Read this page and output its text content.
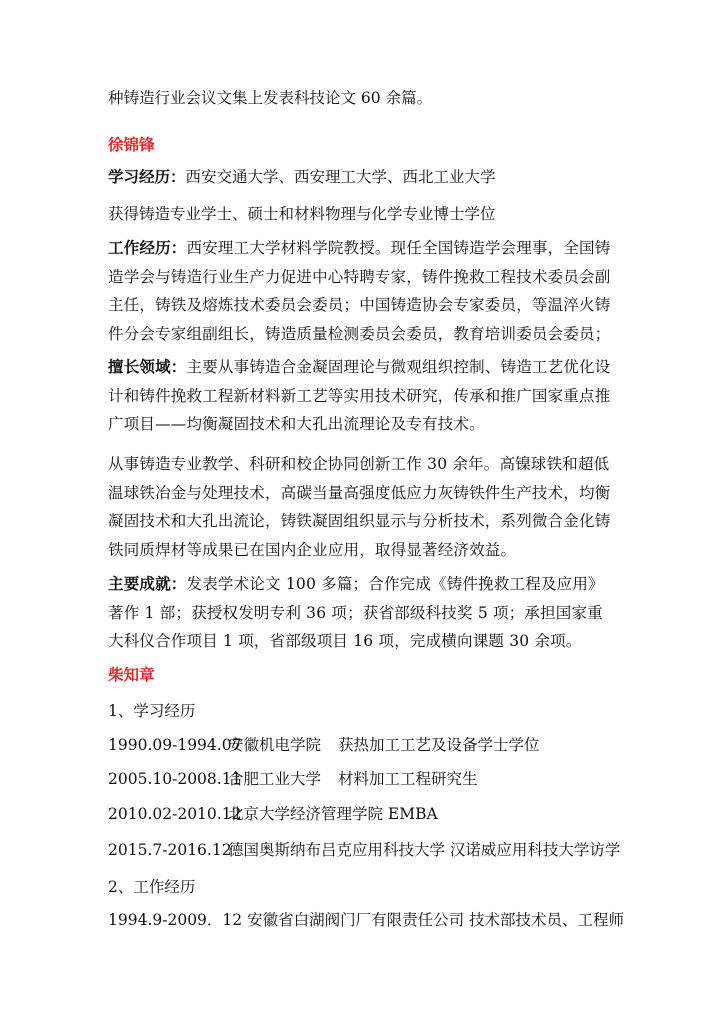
种铸造行业会议文集上发表科技论文 60 余篇。
徐锦锋
学习经历：西安交通大学、西安理工大学、西北工业大学
获得铸造专业学士、硕士和材料物理与化学专业博士学位

工作经历：西安理工大学材料学院教授。现任全国铸造学会理事，全国铸造学会与铸造行业生产力促进中心特聘专家，铸件挽救工程技术委员会副主任，铸铁及熔炼技术委员会委员；中国铸造协会专家委员，等温淬火铸件分会专家组副组长，铸造质量检测委员会委员，教育培训委员会委员；

擅长领域：主要从事铸造合金凝固理论与微观组织控制、铸造工艺优化设计和铸件挽救工程新材料新工艺等实用技术研究，传承和推广国家重点推广项目——均衡凝固技术和大孔出流理论及专有技术。

从事铸造专业教学、科研和校企协同创新工作 30 余年。高镍球铁和超低温球铁冶金与处理技术，高碳当量高强度低应力灰铸铁件生产技术，均衡凝固技术和大孔出流论，铸铁凝固组织显示与分析技术，系列微合金化铸铁同质焊材等成果已在国内企业应用，取得显著经济效益。

主要成就：发表学术论文 100 多篇；合作完成《铸件挽救工程及应用》著作 1 部；获授权发明专利 36 项；获省部级科技奖 5 项；承担国家重大科仪合作项目 1 项，省部级项目 16 项，完成横向课题 30 余项。

柴知章
1、学习经历
1990.09-1994.07安徽机电学院 获热加工工艺及设备学士学位
2005.10-2008.11合肥工业大学 材料加工工程研究生
2010.02-2010.12北京大学经济管理学院 EMBA
2015.7-2016.12德国奥斯纳布吕克应用科技大学 汉诺威应用科技大学访学
2、工作经历
1994.9-2009．12 安徽省白湖阀门厂有限责任公司 技术部技术员、工程师
